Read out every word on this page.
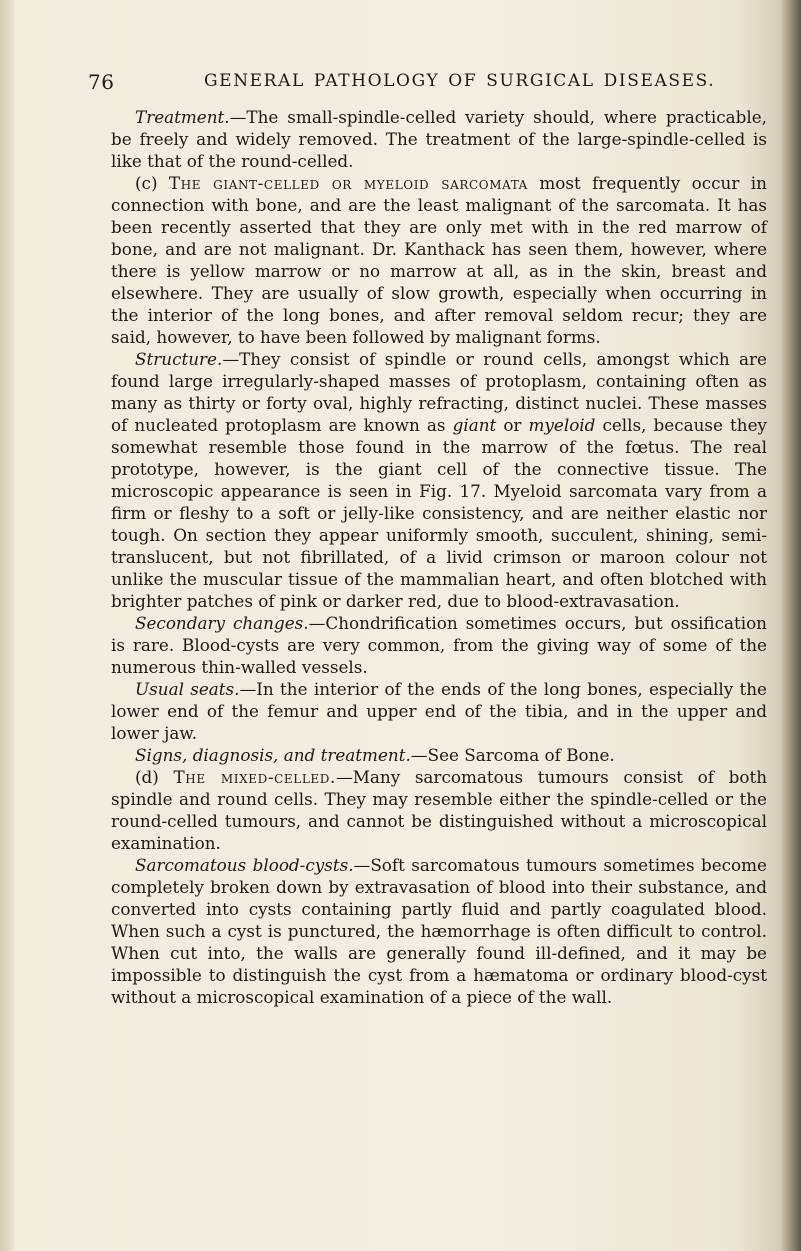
76	GENERAL PATHOLOGY OF SURGICAL DISEASES.

Treatment.—The small-spindle-celled variety should, where practicable, be freely and widely removed. The treatment of the large-spindle-celled is like that of the round-celled.

(c) The giant-celled or myeloid sarcomata most frequently occur in connection with bone, and are the least malignant of the sarcomata. It has been recently asserted that they are only met with in the red marrow of bone, and are not malignant. Dr. Kanthack has seen them, however, where there is yellow marrow or no marrow at all, as in the skin, breast and elsewhere. They are usually of slow growth, especially when occurring in the interior of the long bones, and after removal seldom recur; they are said, however, to have been followed by malignant forms.

Structure.—They consist of spindle or round cells, amongst which are found large irregularly-shaped masses of protoplasm, containing often as many as thirty or forty oval, highly refracting, distinct nuclei. These masses of nucleated protoplasm are known as giant or myeloid cells, because they somewhat resemble those found in the marrow of the fœtus. The real prototype, however, is the giant cell of the connective tissue. The microscopic appearance is seen in Fig. 17. Myeloid sarcomata vary from a firm or fleshy to a soft or jelly-like consistency, and are neither elastic nor tough. On section they appear uniformly smooth, succulent, shining, semi-translucent, but not fibrillated, of a livid crimson or maroon colour not unlike the muscular tissue of the mammalian heart, and often blotched with brighter patches of pink or darker red, due to blood-extravasation.

Secondary changes.—Chondrification sometimes occurs, but ossification is rare. Blood-cysts are very common, from the giving way of some of the numerous thin-walled vessels.

Usual seats.—In the interior of the ends of the long bones, especially the lower end of the femur and upper end of the tibia, and in the upper and lower jaw.

Signs, diagnosis, and treatment.—See Sarcoma of Bone.

(d) The mixed-celled.—Many sarcomatous tumours consist of both spindle and round cells. They may resemble either the spindle-celled or the round-celled tumours, and cannot be distinguished without a microscopical examination.

Sarcomatous blood-cysts.—Soft sarcomatous tumours sometimes become completely broken down by extravasation of blood into their substance, and converted into cysts containing partly fluid and partly coagulated blood. When such a cyst is punctured, the hæmorrhage is often difficult to control. When cut into, the walls are generally found ill-defined, and it may be impossible to distinguish the cyst from a hæmatoma or ordinary blood-cyst without a microscopical examination of a piece of the wall.
